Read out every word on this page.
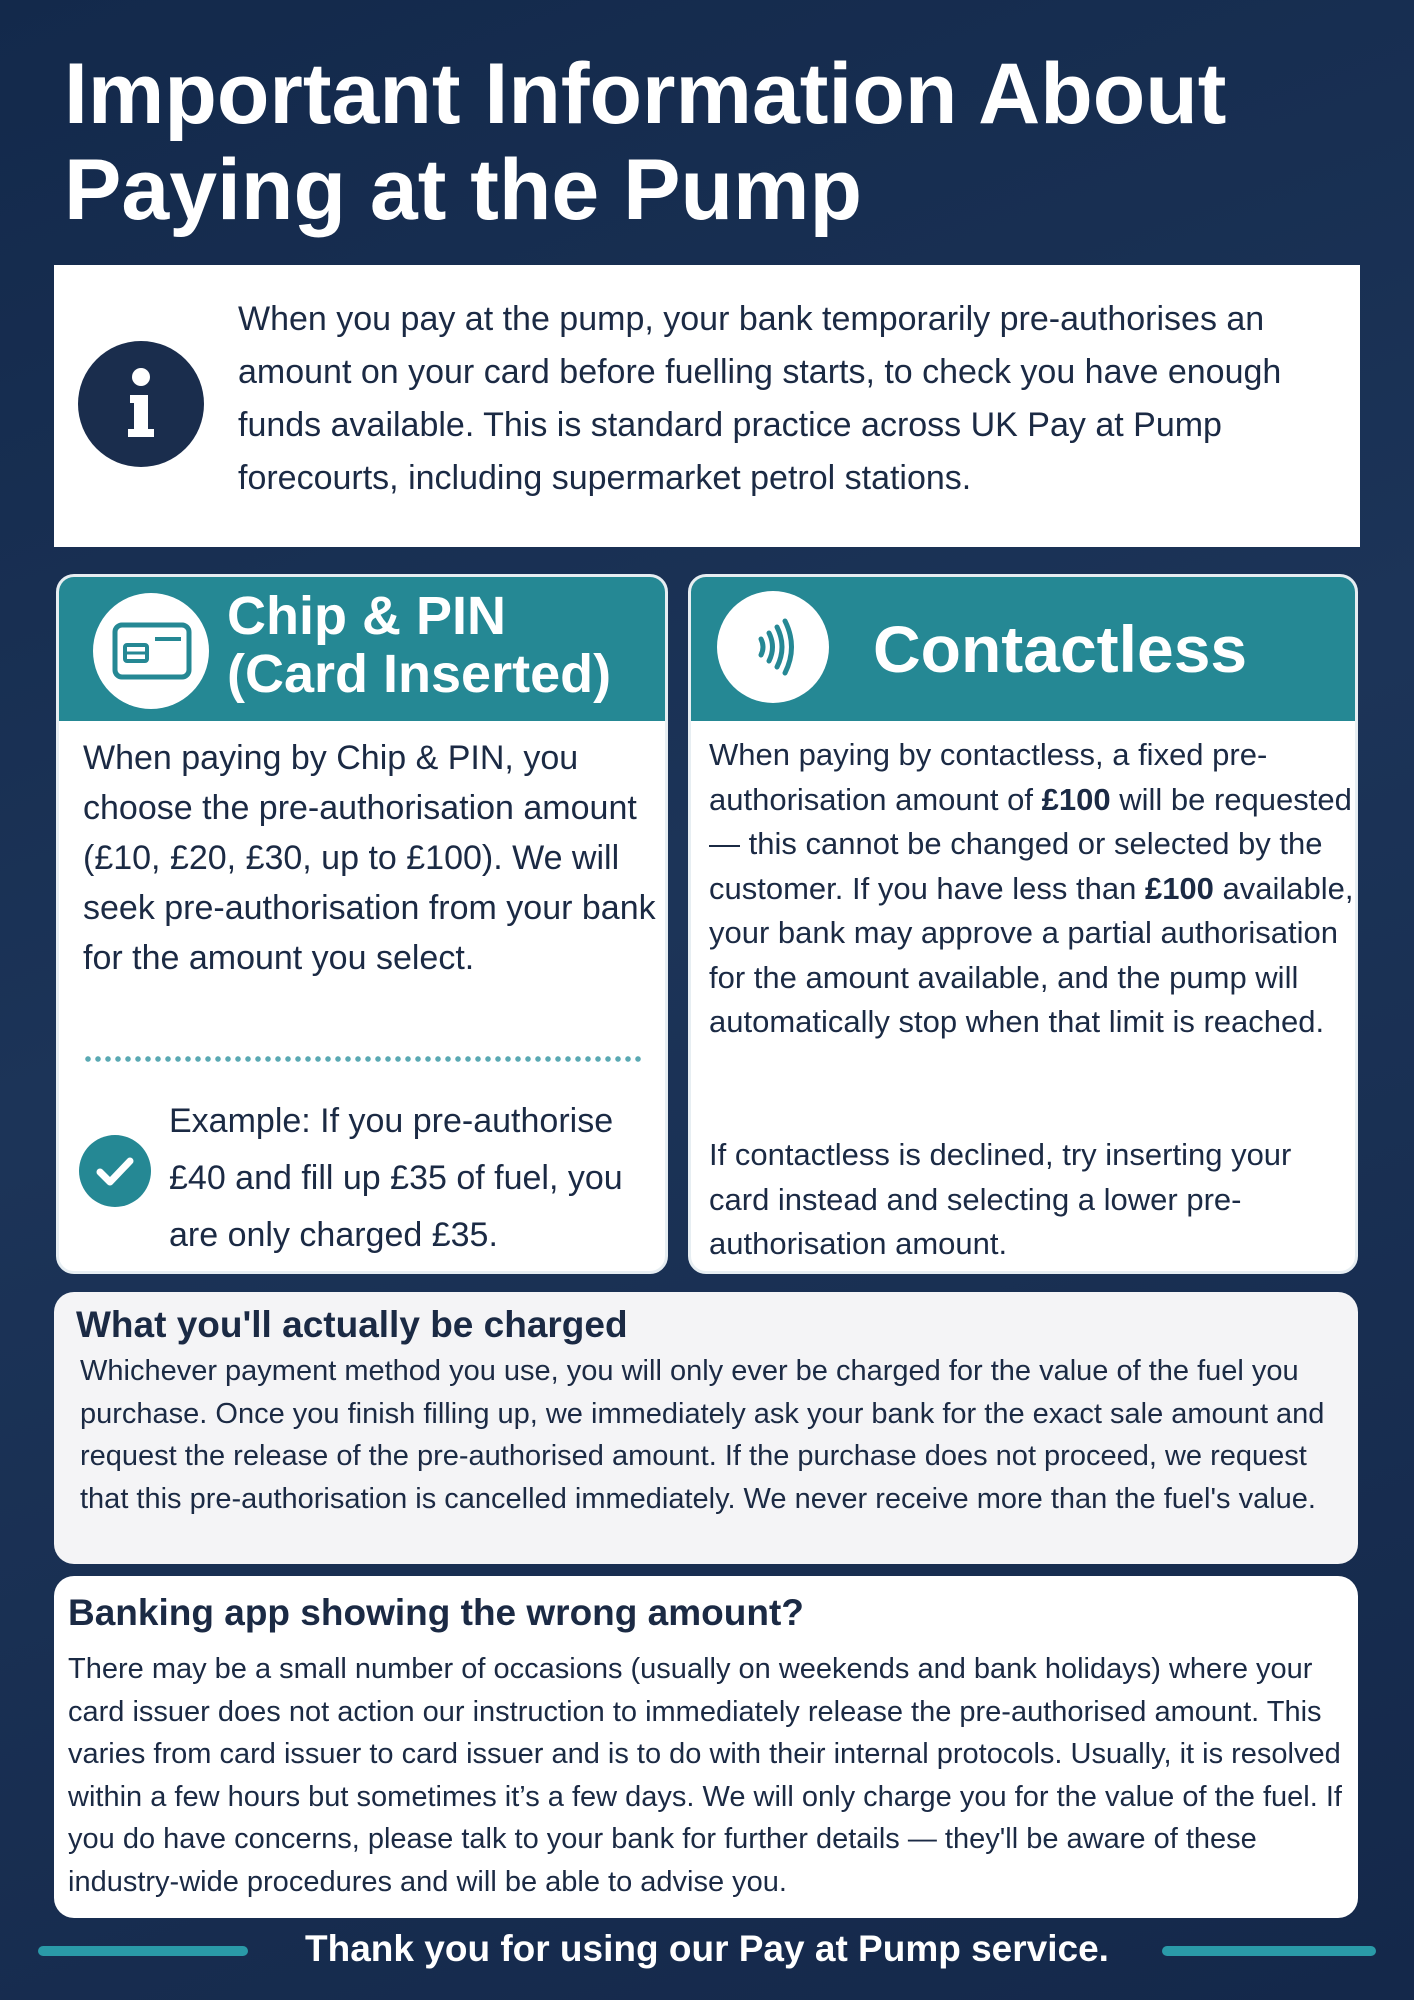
Important Information About
Paying at the Pump
When you pay at the pump, your bank temporarily pre-authorises an amount on your card before fuelling starts, to check you have enough funds available. This is standard practice across UK Pay at Pump forecourts, including supermarket petrol stations.
Chip & PIN
(Card Inserted)
When paying by Chip & PIN, you choose the pre-authorisation amount (£10, £20, £30, up to £100). We will seek pre-authorisation from your bank for the amount you select.
Example: If you pre-authorise £40 and fill up £35 of fuel, you are only charged £35.
Contactless
When paying by contactless, a fixed pre-authorisation amount of £100 will be requested — this cannot be changed or selected by the customer. If you have less than £100 available, your bank may approve a partial authorisation for the amount available, and the pump will automatically stop when that limit is reached.
If contactless is declined, try inserting your card instead and selecting a lower pre-authorisation amount.
What you'll actually be charged

Whichever payment method you use, you will only ever be charged for the value of the fuel you purchase. Once you finish filling up, we immediately ask your bank for the exact sale amount and request the release of the pre-authorised amount. If the purchase does not proceed, we request that this pre-authorisation is cancelled immediately. We never receive more than the fuel's value.

Banking app showing the wrong amount?

There may be a small number of occasions (usually on weekends and bank holidays) where your card issuer does not action our instruction to immediately release the pre-authorised amount. This varies from card issuer to card issuer and is to do with their internal protocols. Usually, it is resolved within a few hours but sometimes it’s a few days. We will only charge you for the value of the fuel. If you do have concerns, please talk to your bank for further details — they'll be aware of these industry-wide procedures and will be able to advise you.

Thank you for using our Pay at Pump service.
